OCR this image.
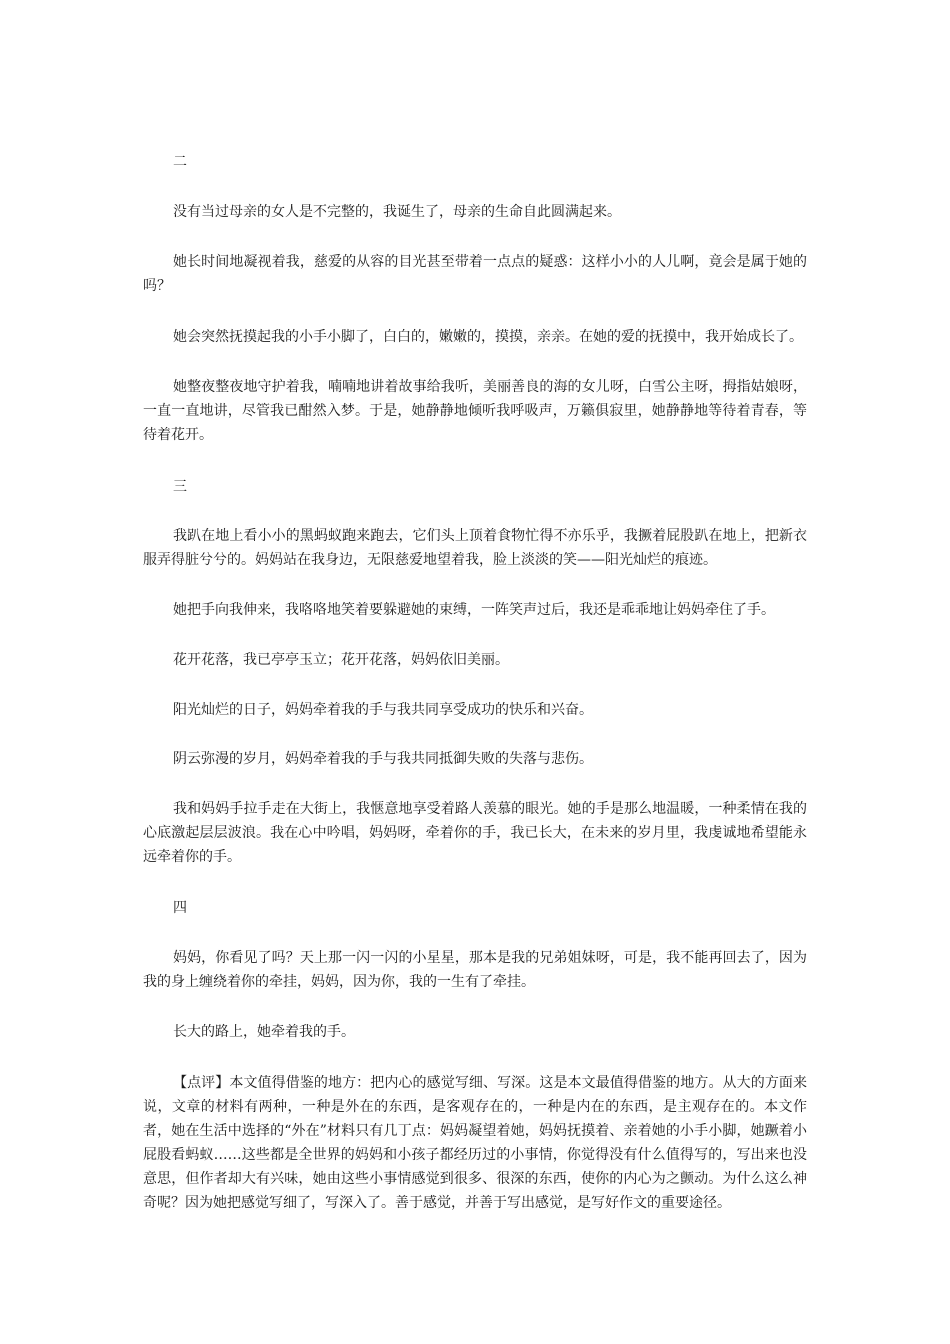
二

没有当过母亲的女人是不完整的，我诞生了，母亲的生命自此圆满起来。

她长时间地凝视着我，慈爱的从容的目光甚至带着一点点的疑惑：这样小小的人儿啊，竟会是属于她的吗？

她会突然抚摸起我的小手小脚了，白白的，嫩嫩的，摸摸，亲亲。在她的爱的抚摸中，我开始成长了。

她整夜整夜地守护着我，喃喃地讲着故事给我听，美丽善良的海的女儿呀，白雪公主呀，拇指姑娘呀，一直一直地讲，尽管我已酣然入梦。于是，她静静地倾听我呼吸声，万籁俱寂里，她静静地等待着青春，等待着花开。

三

我趴在地上看小小的黑蚂蚁跑来跑去，它们头上顶着食物忙得不亦乐乎，我撅着屁股趴在地上，把新衣服弄得脏兮兮的。妈妈站在我身边，无限慈爱地望着我，脸上淡淡的笑——阳光灿烂的痕迹。

她把手向我伸来，我咯咯地笑着要躲避她的束缚，一阵笑声过后，我还是乖乖地让妈妈牵住了手。

花开花落，我已亭亭玉立；花开花落，妈妈依旧美丽。

阳光灿烂的日子，妈妈牵着我的手与我共同享受成功的快乐和兴奋。

阴云弥漫的岁月，妈妈牵着我的手与我共同抵御失败的失落与悲伤。

我和妈妈手拉手走在大街上，我惬意地享受着路人羡慕的眼光。她的手是那么地温暖，一种柔情在我的心底激起层层波浪。我在心中吟唱，妈妈呀，牵着你的手，我已长大，在未来的岁月里，我虔诚地希望能永远牵着你的手。

四

妈妈，你看见了吗？天上那一闪一闪的小星星，那本是我的兄弟姐妹呀，可是，我不能再回去了，因为我的身上缠绕着你的牵挂，妈妈，因为你，我的一生有了牵挂。

长大的路上，她牵着我的手。

【点评】本文值得借鉴的地方：把内心的感觉写细、写深。这是本文最值得借鉴的地方。从大的方面来说，文章的材料有两种，一种是外在的东西，是客观存在的，一种是内在的东西，是主观存在的。本文作者，她在生活中选择的“外在”材料只有几丁点：妈妈凝望着她，妈妈抚摸着、亲着她的小手小脚，她蹶着小屁股看蚂蚁……这些都是全世界的妈妈和小孩子都经历过的小事情，你觉得没有什么值得写的，写出来也没意思，但作者却大有兴味，她由这些小事情感觉到很多、很深的东西，使你的内心为之颤动。为什么这么神奇呢？因为她把感觉写细了，写深入了。善于感觉，并善于写出感觉，是写好作文的重要途径。
